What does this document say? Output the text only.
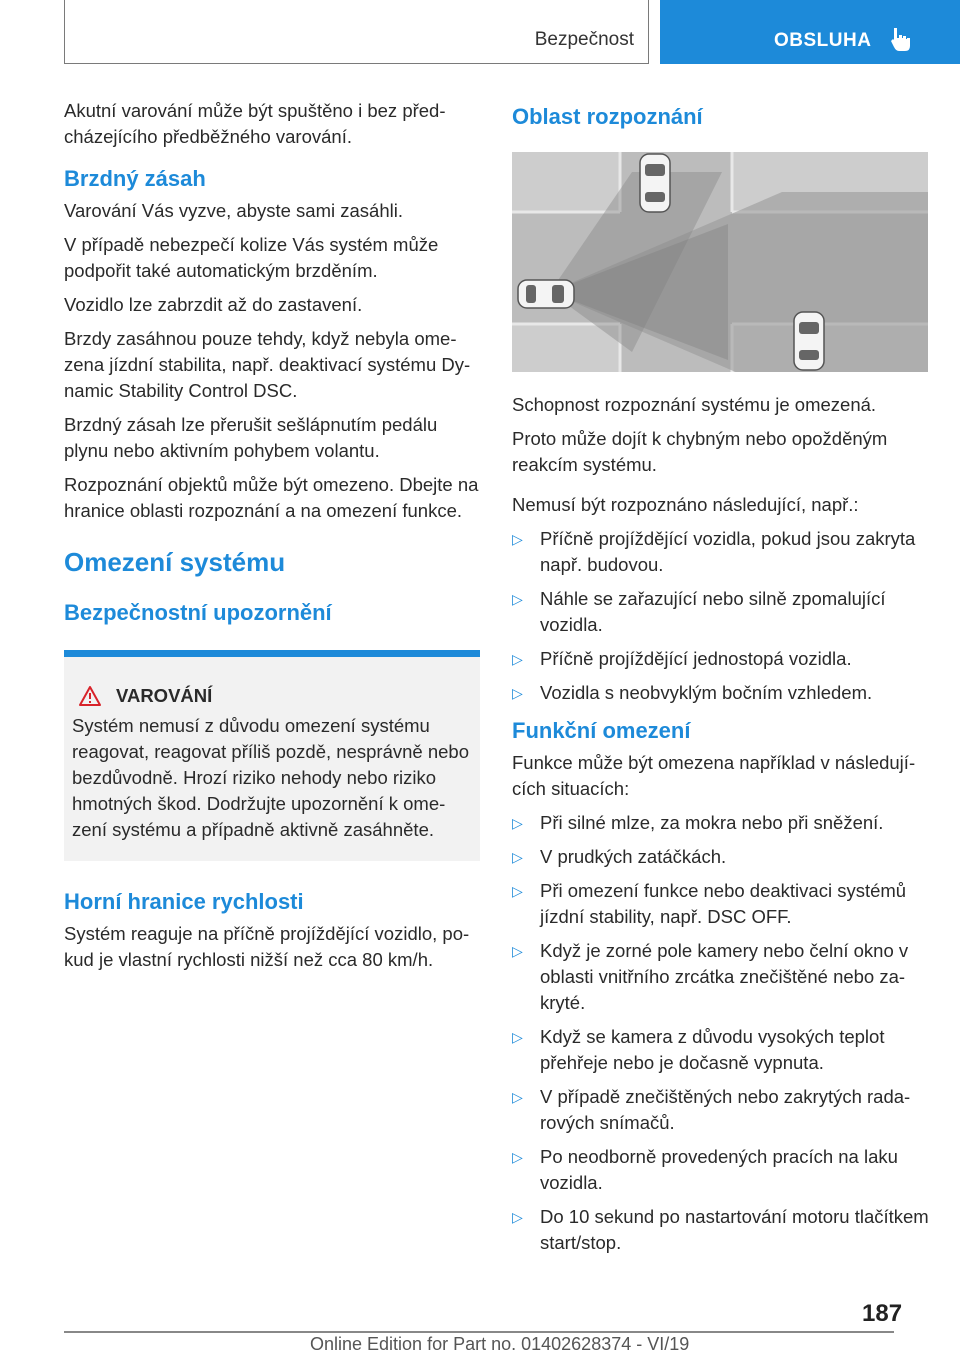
Bezpečnost	OBSLUHA

Akutní varování může být spuštěno i bez předcházejícího předběžného varování.

Brzdný zásah

Varování Vás vyzve, abyste sami zasáhli.

V případě nebezpečí kolize Vás systém může podpořit také automatickým brzděním.

Vozidlo lze zabrzdit až do zastavení.

Brzdy zasáhnou pouze tehdy, když nebyla omezena jízdní stabilita, např. deaktivací systému Dynamic Stability Control DSC.

Brzdný zásah lze přerušit sešlápnutím pedálu plynu nebo aktivním pohybem volantu.

Rozpoznání objektů může být omezeno. Dbejte na hranice oblasti rozpoznání a na omezení funkce.

Omezení systému
Bezpečnostní upozornění
VAROVÁNÍ

Systém nemusí z důvodu omezení systému reagovat, reagovat příliš pozdě, nesprávně nebo bezdůvodně. Hrozí riziko nehody nebo riziko hmotných škod. Dodržujte upozornění k omezení systému a případně aktivně zasáhněte.

Horní hranice rychlosti

Systém reaguje na příčně projíždějící vozidlo, pokud je vlastní rychlosti nižší než cca 80 km/h.

Oblast rozpoznání

Schopnost rozpoznání systému je omezená.

Proto může dojít k chybným nebo opožděným reakcím systému.

Nemusí být rozpoznáno následující, např.:

▷ Příčně projíždějící vozidla, pokud jsou zakryta např. budovou.
▷ Náhle se zařazující nebo silně zpomalující vozidla.
▷ Příčně projíždějící jednostopá vozidla.
▷ Vozidla s neobvyklým bočním vzhledem.
Funkční omezení

Funkce může být omezena například v následujících situacích:

▷ Při silné mlze, za mokra nebo při sněžení.
▷ V prudkých zatáčkách.
▷ Při omezení funkce nebo deaktivaci systémů jízdní stability, např. DSC OFF.
▷ Když je zorné pole kamery nebo čelní okno v oblasti vnitřního zrcátka znečištěné nebo zakryté.
▷ Když se kamera z důvodu vysokých teplot přehřeje nebo je dočasně vypnuta.
▷ V případě znečištěných nebo zakrytých radarových snímačů.
▷ Po neodborně provedených pracích na laku vozidla.
▷ Do 10 sekund po nastartování motoru tlačítkem start/stop.
187
Online Edition for Part no. 01402628374 - VI/19
